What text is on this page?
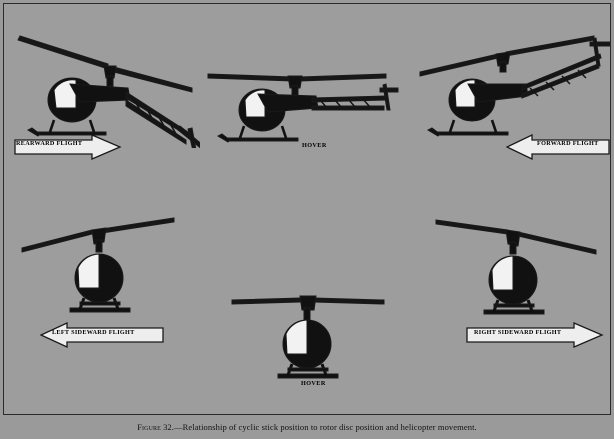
REARWARD FLIGHT	HOVER	FORWARD FLIGHT
LEFT SIDEWARD FLIGHT
HOVER
RIGHT SIDEWARD FLIGHT
Figure 32.—Relationship of cyclic stick position to rotor disc position and helicopter movement.
